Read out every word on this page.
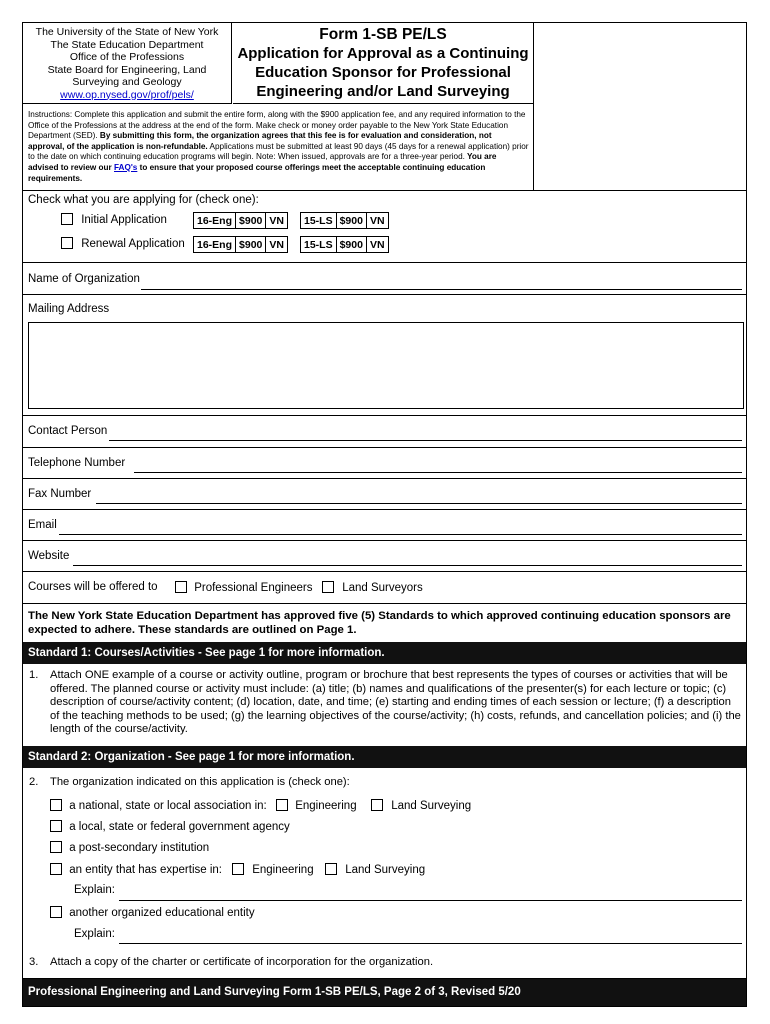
The University of the State of New York
The State Education Department
Office of the Professions
State Board for Engineering, Land
Surveying and Geology
www.op.nysed.gov/prof/pels/
Form 1-SB PE/LS
Application for Approval as a Continuing
Education Sponsor for Professional
Engineering and/or Land Surveying
Instructions: Complete this application and submit the entire form, along with the $900 application fee, and any required information to the Office of the Professions at the address at the end of the form. Make check or money order payable to the New York State Education Department (SED). By submitting this form, the organization agrees that this fee is for evaluation and consideration, not approval, of the application is non-refundable. Applications must be submitted at least 90 days (45 days for a renewal application) prior to the date on which continuing education programs will begin. Note: When issued, approvals are for a three-year period. You are advised to review our FAQ's to ensure that your proposed course offerings meet the acceptable continuing education requirements.
Check what you are applying for (check one):
Initial Application	16-Eng $900 VN 15-LS $900 VN
Renewal Application 16-Eng $900 VN 15-LS $900 VN
Name of Organization
Mailing Address
Contact Person
Telephone Number
Fax Number
Email
Website
Courses will be offered to	Professional Engineers	Land Surveyors
The New York State Education Department has approved five (5) Standards to which approved continuing education sponsors are expected to adhere. These standards are outlined on Page 1.
Standard 1: Courses/Activities - See page 1 for more information.
1. Attach ONE example of a course or activity outline, program or brochure that best represents the types of courses or activities that will be offered. The planned course or activity must include: (a) title; (b) names and qualifications of the presenter(s) for each lecture or topic; (c) description of course/activity content; (d) location, date, and time; (e) starting and ending times of each session or lecture; (f) a description of the teaching methods to be used; (g) the learning objectives of the course/activity; (h) costs, refunds, and cancellation policies; and (i) the length of the course/activity.
Standard 2: Organization - See page 1 for more information.
2. The organization indicated on this application is (check one):
a national, state or local association in:	Engineering	Land Surveying
a local, state or federal government agency
a post-secondary institution
an entity that has expertise in:	Engineering	Land Surveying
Explain:
another organized educational entity
Explain:
3. Attach a copy of the charter or certificate of incorporation for the organization.
Professional Engineering and Land Surveying Form 1-SB PE/LS, Page 2 of 3, Revised 5/20
